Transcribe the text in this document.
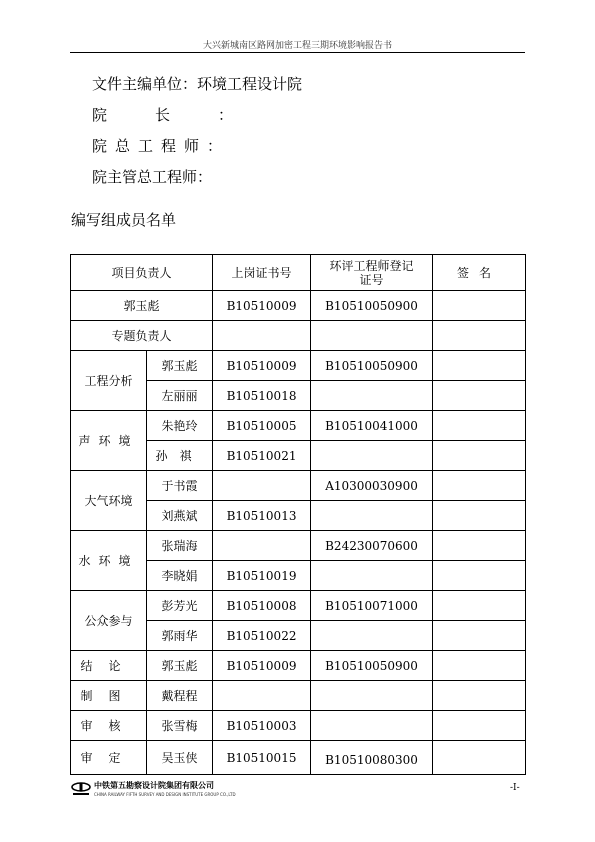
大兴新城南区路网加密工程三期环境影响报告书
文件主编单位：环境工程设计院
院长：
院总工程师：
院主管总工程师：
编写组成员名单
项目负责人		上岗证书号	环评工程师登记证号	签名
郭玉彪		B10510009	B10510050900	
专题负责人				
工程分析	郭玉彪	B10510009	B10510050900	
	左丽丽	B10510018		
声环境	朱艳玲	B10510005	B10510041000	
	孙祺	B10510021		
大气环境	于书霞		A10300030900	
	刘燕斌	B10510013		
水环境	张瑞海		B24230070600	
	李晓娟	B10510019		
公众参与	彭芳光	B10510008	B10510071000	
	郭雨华	B10510022		
结论	郭玉彪	B10510009	B10510050900	
制图	戴程程			
审核	张雪梅	B10510003		
审定	吴玉侠	B10510015	B10510080300	
中铁第五勘察设计院集团有限公司
CHINA RAILWAY FIFTH SURVEY AND DESIGN INSTITUTE GROUP CO.,LTD
-I-
